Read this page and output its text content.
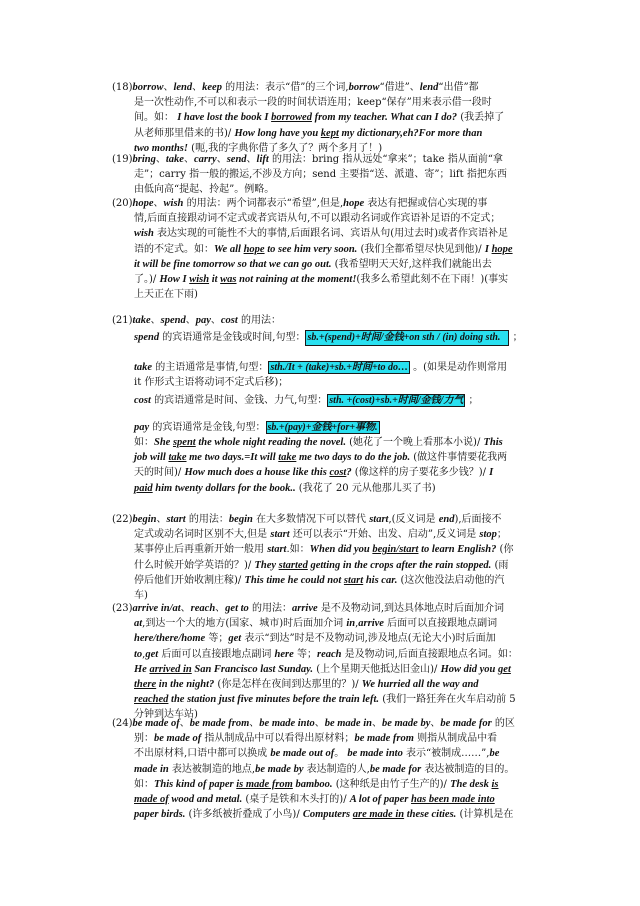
(18)borrow、lend、keep 的用法：表示“借”的三个词,borrow“借进”、lend“出借”都
是一次性动作,不可以和表示一段的时间状语连用；keep“保存”用来表示借一段时
间。如： I have lost the book I borrowed from my teacher. What can I do? (我丢掉了
从老师那里借来的书)/ How long have you kept my dictionary,eh?For more than
two months! (呃,我的字典你借了多久了？两个多月了！)
(19)bring、take、carry、send、lift 的用法：bring 指从远处“拿来”；take 指从面前“拿
走”；carry 指一般的搬运,不涉及方向；send 主要指“送、派遣、寄”；lift 指把东西
由低向高“提起、拎起”。例略。
(20)hope、wish 的用法：两个词都表示“希望”,但是,hope 表达有把握或信心实现的事
情,后面直接跟动词不定式或者宾语从句,不可以跟动名词或作宾语补足语的不定式；
wish 表达实现的可能性不大的事情,后面跟名词、宾语从句(用过去时)或者作宾语补足
语的不定式。如：We all hope to see him very soon. (我们全都希望尽快见到他)/ I hope
it will be fine tomorrow so that we can go out. (我希望明天天好,这样我们就能出去
了。)/ How I wish it was not raining at the moment!(我多么希望此刻不在下雨！)(事实
上天正在下雨)
(21)take、spend、pay、cost 的用法：
spend 的宾语通常是金钱或时间,句型： sb.+(spend)+时间/金钱+on sth / (in) doing sth. ；
take 的主语通常是事情,句型： sth./It + (take)+sb.+时间+to do… 。(如果是动作则常用
it 作形式主语将动词不定式后移)；
cost 的宾语通常是时间、金钱、力气,句型： sth. +(cost)+sb.+时间/金钱/力气 ；
pay 的宾语通常是金钱,句型： sb.+(pay)+金钱+for+事物.
如：She spent the whole night reading the novel. (她花了一个晚上看那本小说)/ This
job will take me two days.=It will take me two days to do the job. (做这件事情要花我两
天的时间)/ How much does a house like this cost? (像这样的房子要花多少钱？)/ I
paid him twenty dollars for the book.. (我花了 20 元从他那儿买了书)
(22)begin、start 的用法：begin 在大多数情况下可以替代 start,(反义词是 end),后面接不
定式或动名词时区别不大,但是 start 还可以表示“开始、出发、启动”,反义词是 stop；
某事停止后再重新开始一般用 start.如：When did you begin/start to learn English? (你
什么时候开始学英语的？)/ They started getting in the crops after the rain stopped. (雨
停后他们开始收割庄稼)/ This time he could not start his car. (这次他没法启动他的汽
车)
(23)arrive in/at、reach、get to 的用法：arrive 是不及物动词,到达具体地点时后面加介词
at,到达一个大的地方(国家、城市)时后面加介词 in,arrive 后面可以直接跟地点副词
here/there/home 等；get 表示“到达”时是不及物动词,涉及地点(无论大小)时后面加
to,get 后面可以直接跟地点副词 here 等；reach 是及物动词,后面直接跟地点名词。如：
He arrived in San Francisco last Sunday. (上个星期天他抵达旧金山)/ How did you get
there in the night? (你是怎样在夜间到达那里的？)/ We hurried all the way and
reached the station just five minutes before the train left. (我们一路狂奔在火车启动前 5
分钟到达车站)
(24)be made of、be made from、be made into、be made in、be made by、be made for 的区
别：be made of 指从制成品中可以看得出原材料；be made from 则指从制成品中看
不出原材料,口语中都可以换成 be made out of。 be made into 表示“被制成……”,be
made in 表达被制造的地点,be made by 表达制造的人,be made for 表达被制造的目的。
如：This kind of paper is made from bamboo. (这种纸是由竹子生产的)/ The desk is
made of wood and metal. (桌子是铁和木头打的)/ A lot of paper has been made into
paper birds. (许多纸被折叠成了小鸟)/ Computers are made in these cities. (计算机是在
